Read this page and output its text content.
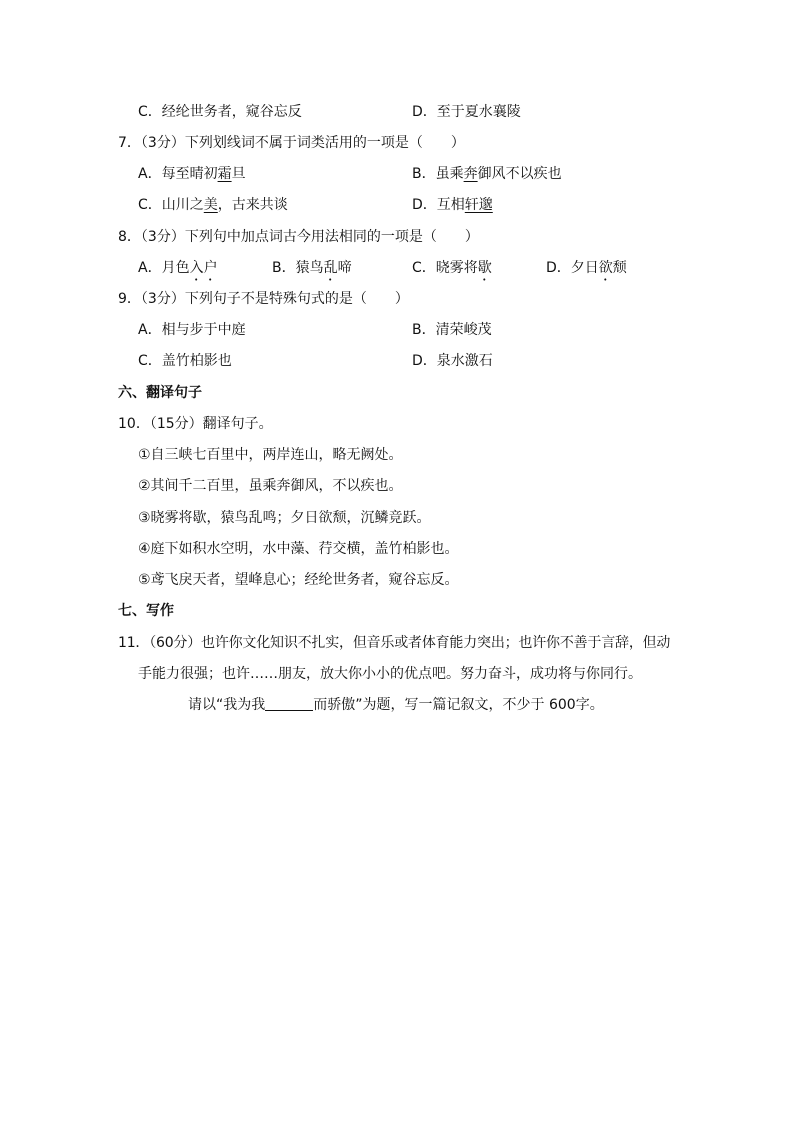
C．经纶世务者，窥谷忘反	D．至于夏水襄陵
7．（3分）下列划线词不属于词类活用的一项是（　　）
A．每至晴初霜旦	B．虽乘奔御风不以疾也
C．山川之美，古来共谈	D．互相轩邈
8．（3分）下列句中加点词古今用法相同的一项是（　　）
A．月色入户	B．猿鸟乱啼	C．晓雾将歇	D．夕日欲颓
9．（3分）下列句子不是特殊句式的是（　　）
A．相与步于中庭	B．清荣峻茂
C．盖竹柏影也	D．泉水激石
六、翻译句子
10．（15分）翻译句子。
①自三峡七百里中，两岸连山，略无阙处。
②其间千二百里，虽乘奔御风，不以疾也。
③晓雾将歇，猿鸟乱鸣；夕日欲颓，沉鳞竞跃。
④庭下如积水空明，水中藻、荇交横，盖竹柏影也。
⑤鸢飞戾天者，望峰息心；经纶世务者，窥谷忘反。
七、写作
11．（60分）也许你文化知识不扎实，但音乐或者体育能力突出；也许你不善于言辞，但动
手能力很强；也许……朋友，放大你小小的优点吧。努力奋斗，成功将与你同行。
请以“我为我	而骄傲”为题，写一篇记叙文，不少于 600字。
